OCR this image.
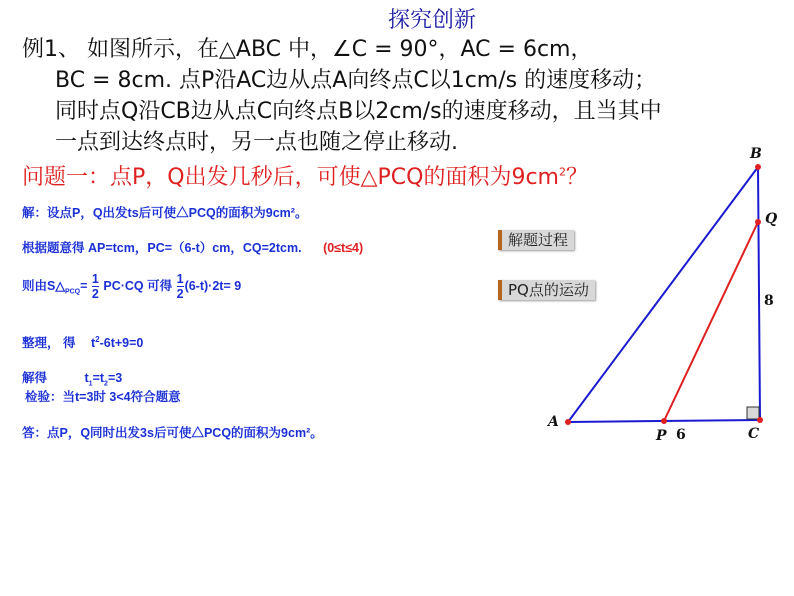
探究创新
例1、 如图所示，在△ABC 中，∠C = 90°，AC = 6cm，
BC = 8cm. 点P沿AC边从点A向终点C以1cm/s 的速度移动；
同时点Q沿CB边从点C向终点B以2cm/s的速度移动，且当其中
一点到达终点时，另一点也随之停止移动.
问题一：点P，Q出发几秒后，可使△PCQ的面积为$9cm^2$？
解：设点P，Q出发ts后可使△PCQ的面积为9cm²。
根据题意得 AP=tcm，PC=（6-t）cm，CQ=2tcm. (0≤t≤4)
则由$S\triangle_{PCQ}= \frac{1}{2} PC\cdot CQ$ 可得 $\frac{1}{2} (6-t)\cdot 2t= 9$
整理， 得 $t^2-6t+9=0$
解得	$t_1=t_2=3$
检验：当t=3时 3<4符合题意
答：点P，Q同时出发3s后可使△PCQ的面积为9cm²。
解题过程
PQ点的运动
A
B
C
P
Q
6
8
